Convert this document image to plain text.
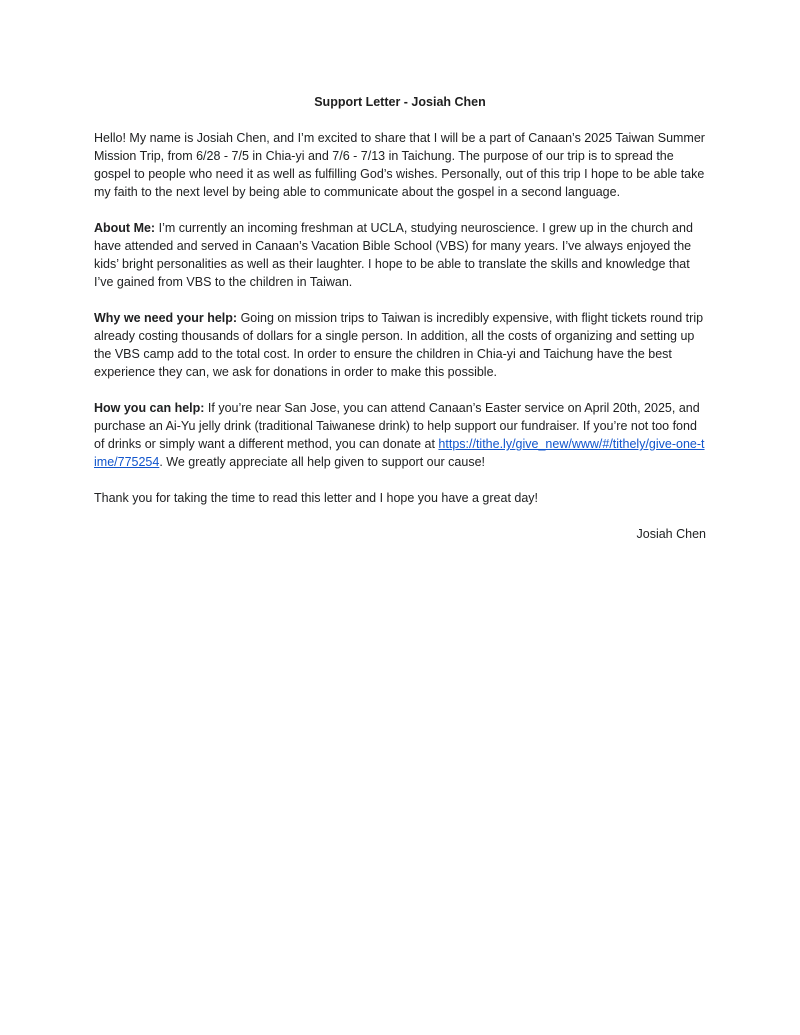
Support Letter - Josiah Chen

Hello! My name is Josiah Chen, and I’m excited to share that I will be a part of Canaan’s 2025 Taiwan Summer Mission Trip, from 6/28 - 7/5 in Chia-yi and 7/6 - 7/13 in Taichung. The purpose of our trip is to spread the gospel to people who need it as well as fulfilling God’s wishes. Personally, out of this trip I hope to be able take my faith to the next level by being able to communicate about the gospel in a second language.

About Me: I’m currently an incoming freshman at UCLA, studying neuroscience. I grew up in the church and have attended and served in Canaan’s Vacation Bible School (VBS) for many years. I’ve always enjoyed the kids’ bright personalities as well as their laughter. I hope to be able to translate the skills and knowledge that I’ve gained from VBS to the children in Taiwan.

Why we need your help: Going on mission trips to Taiwan is incredibly expensive, with flight tickets round trip already costing thousands of dollars for a single person. In addition, all the costs of organizing and setting up the VBS camp add to the total cost. In order to ensure the children in Chia-yi and Taichung have the best experience they can, we ask for donations in order to make this possible.

How you can help: If you’re near San Jose, you can attend Canaan’s Easter service on April 20th, 2025, and purchase an Ai-Yu jelly drink (traditional Taiwanese drink) to help support our fundraiser. If you’re not too fond of drinks or simply want a different method, you can donate at https://tithe.ly/give_new/www/#/tithely/give-one-time/775254. We greatly appreciate all help given to support our cause!

Thank you for taking the time to read this letter and I hope you have a great day!

Josiah Chen
